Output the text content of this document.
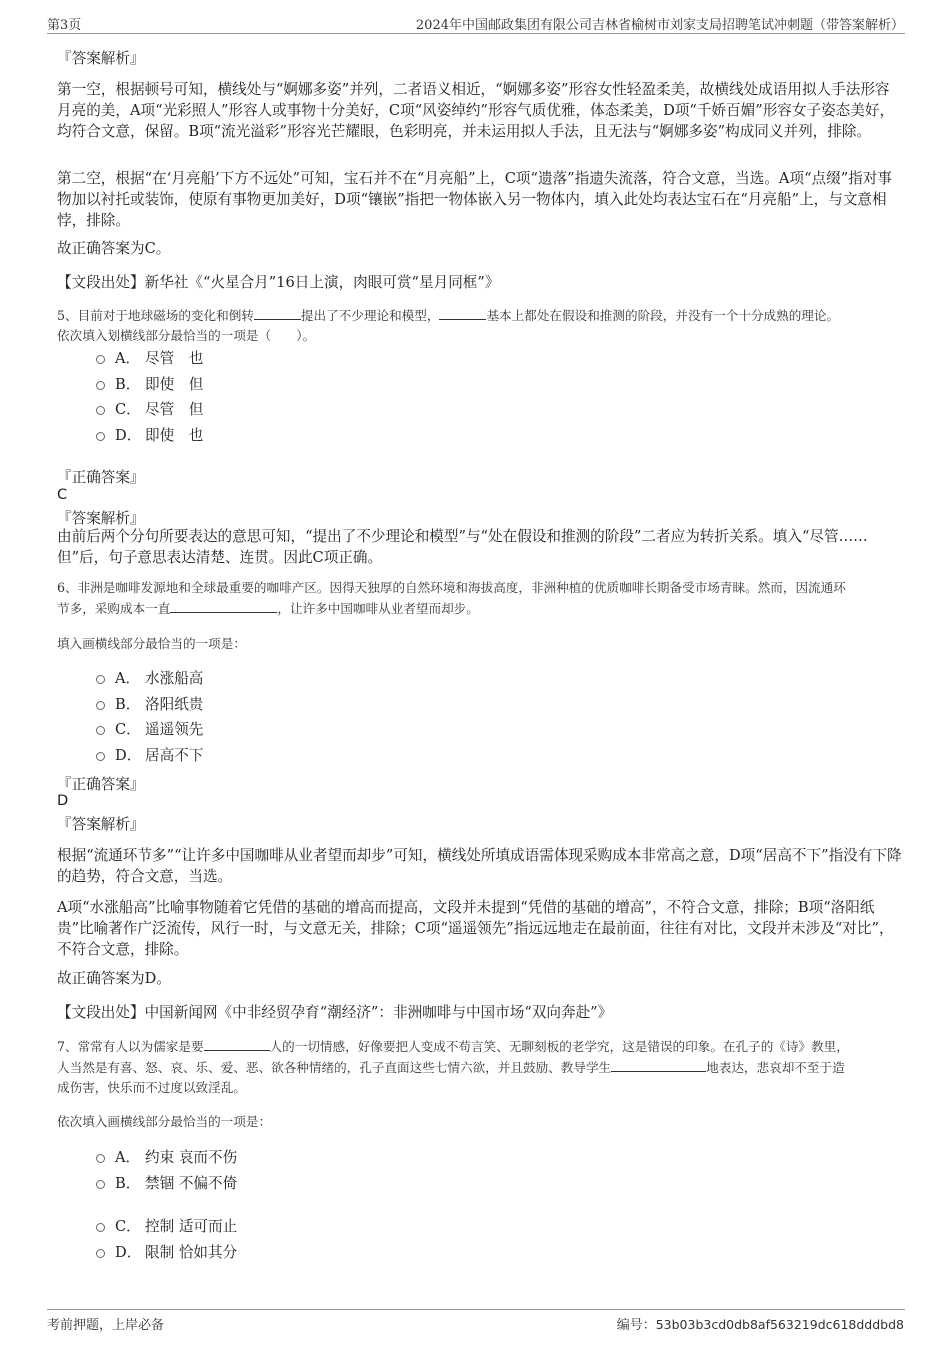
第3页	2024年中国邮政集团有限公司吉林省榆树市刘家支局招聘笔试冲刺题（带答案解析）
『答案解析』

第一空，根据顿号可知，横线处与“婀娜多姿”并列，二者语义相近，“婀娜多姿”形容女性轻盈柔美，故横线处成语用拟人手法形容月亮的美，A项“光彩照人”形容人或事物十分美好，C项“风姿绰约”形容气质优雅，体态柔美，D项“千娇百媚”形容女子姿态美好，均符合文意，保留。B项“流光溢彩”形容光芒耀眼，色彩明亮，并未运用拟人手法，且无法与“婀娜多姿”构成同义并列，排除。

第二空，根据“在‘月亮船’下方不远处”可知，宝石并不在“月亮船”上，C项“遗落”指遗失流落，符合文意，当选。A项“点缀”指对事物加以衬托或装饰，使原有事物更加美好，D项“镶嵌”指把一物体嵌入另一物体内，填入此处均表达宝石在“月亮船”上，与文意相悖，排除。

故正确答案为C。
【文段出处】新华社《“火星合月”16日上演，肉眼可赏“星月同框”》

5、目前对于地球磁场的变化和倒转	提出了不少理论和模型，	基本上都处在假设和推测的阶段，并没有一个十分成熟的理论。

依次填入划横线部分最恰当的一项是（　　）。

A． 尽管　也
B． 即使　但
C． 尽管　但
D． 即使　也
『正确答案』
C
『答案解析』

由前后两个分句所要表达的意思可知，“提出了不少理论和模型”与“处在假设和推测的阶段”二者应为转折关系。填入“尽管……但”后，句子意思表达清楚、连贯。因此C项正确。

6、非洲是咖啡发源地和全球最重要的咖啡产区。因得天独厚的自然环境和海拔高度，非洲种植的优质咖啡长期备受市场青睐。然而，因流通环

节多，采购成本一直	，让许多中国咖啡从业者望而却步。

填入画横线部分最恰当的一项是：
A． 水涨船高
B． 洛阳纸贵
C． 遥遥领先
D． 居高不下
『正确答案』
D
『答案解析』

根据“流通环节多”“让许多中国咖啡从业者望而却步”可知，横线处所填成语需体现采购成本非常高之意，D项“居高不下”指没有下降的趋势，符合文意，当选。

A项“水涨船高”比喻事物随着它凭借的基础的增高而提高，文段并未提到“凭借的基础的增高”，不符合文意，排除；B项“洛阳纸贵”比喻著作广泛流传，风行一时，与文意无关，排除；C项“遥遥领先”指远远地走在最前面，往往有对比，文段并未涉及“对比”，不符合文意，排除。

故正确答案为D。
【文段出处】中国新闻网《中非经贸孕育“潮经济”：非洲咖啡与中国市场“双向奔赴”》

7、常常有人以为儒家是要	人的一切情感，好像要把人变成不苟言笑、无聊刻板的老学究，这是错误的印象。在孔子的《诗》教里，

人当然是有喜、怒、哀、乐、爱、恶、欲各种情绪的，孔子直面这些七情六欲，并且鼓励、教导学生	地表达，悲哀却不至于造

成伤害，快乐而不过度以致淫乱。

依次填入画横线部分最恰当的一项是：
A． 约束 哀而不伤
B． 禁锢 不偏不倚
C． 控制 适可而止
D． 限制 恰如其分
考前押题，上岸必备	编号：53b03b3cd0db8af563219dc618dddbd8
